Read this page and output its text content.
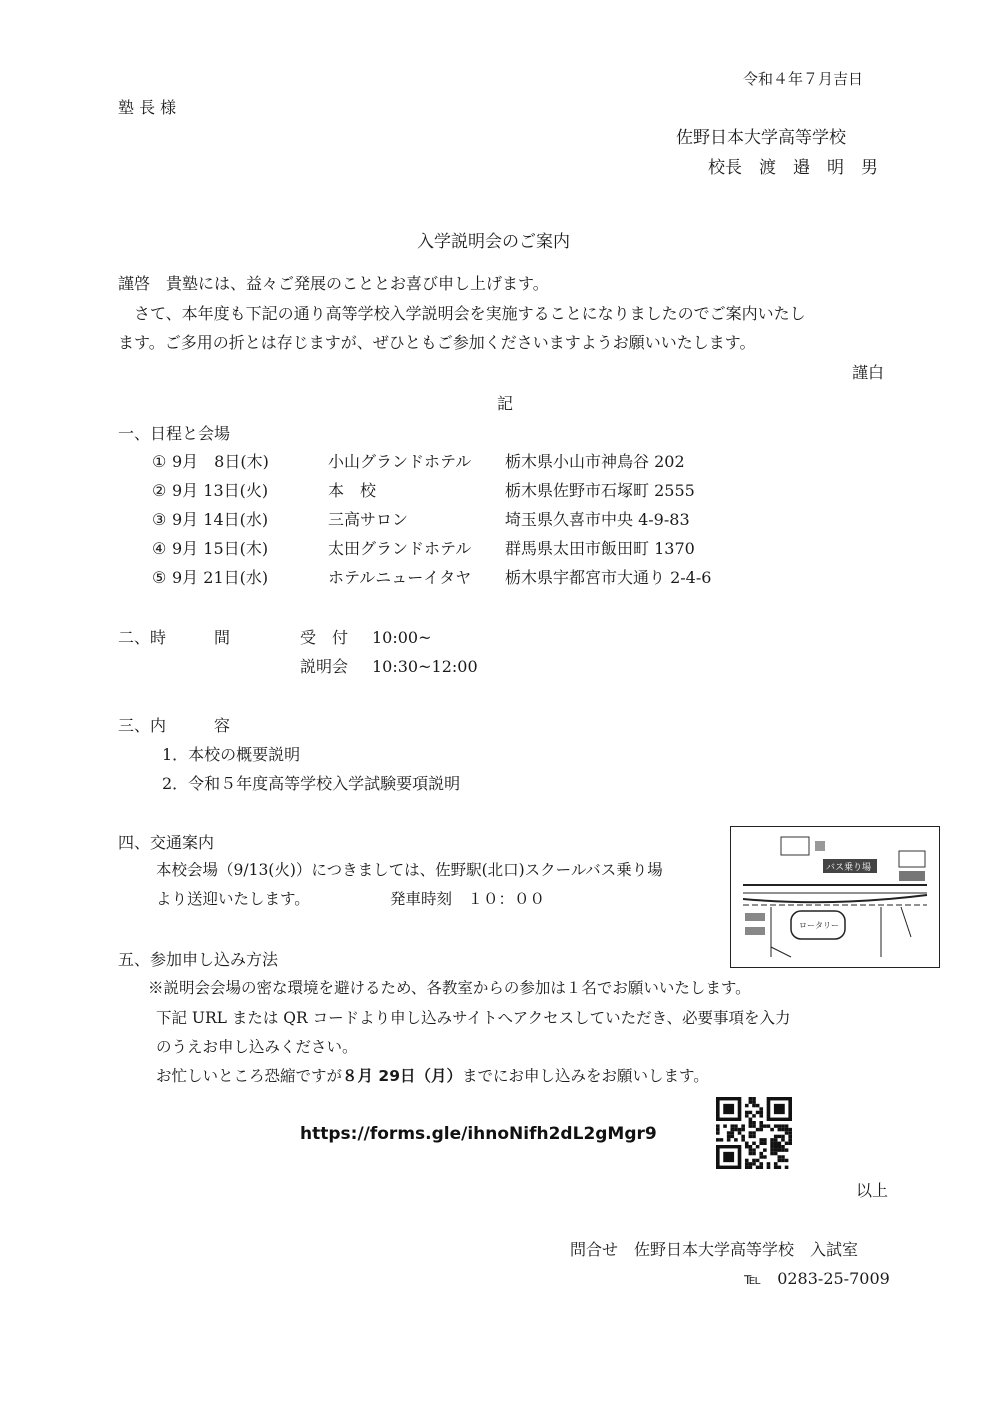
令和４年７月吉日
塾 長 様
佐野日本大学高等学校
校長　渡　邉　明　男
入学説明会のご案内
謹啓　貴塾には、益々ご発展のこととお喜び申し上げます。
さて、本年度も下記の通り高等学校入学説明会を実施することになりましたのでご案内いたし
ます。ご多用の折とは存じますが、ぜひともご参加くださいますようお願いいたします。
謹白
記
一、日程と会場
① 9月　8日(木)	小山グランドホテル 栃木県小山市神鳥谷 202
② 9月 13日(火)	本　校	栃木県佐野市石塚町 2555
③ 9月 14日(水)	三高サロン	埼玉県久喜市中央 4-9-83
④ 9月 15日(木)	太田グランドホテル 群馬県太田市飯田町 1370
⑤ 9月 21日(水)	ホテルニューイタヤ 栃木県宇都宮市大通り 2-4-6
二、時　　　間	受　付 10:00~
説明会 10:30~12:00
三、内　　　容
1．本校の概要説明
2．令和５年度高等学校入学試験要項説明
四、交通案内
本校会場（9/13(火)）につきましては、佐野駅(北口)スクールバス乗り場
より送迎いたします。	発車時刻　１０：００
バス乗り場
ロータリー
五、参加申し込み方法
※説明会会場の密な環境を避けるため、各教室からの参加は１名でお願いいたします。
下記 URL または QR コードより申し込みサイトへアクセスしていただき、必要事項を入力
のうえお申し込みください。
お忙しいところ恐縮ですが８月 29日（月）までにお申し込みをお願いします。
https://forms.gle/ihnoNifh2dL2gMgr9
以上
問合せ　佐野日本大学高等学校　入試室
℡　0283-25-7009
